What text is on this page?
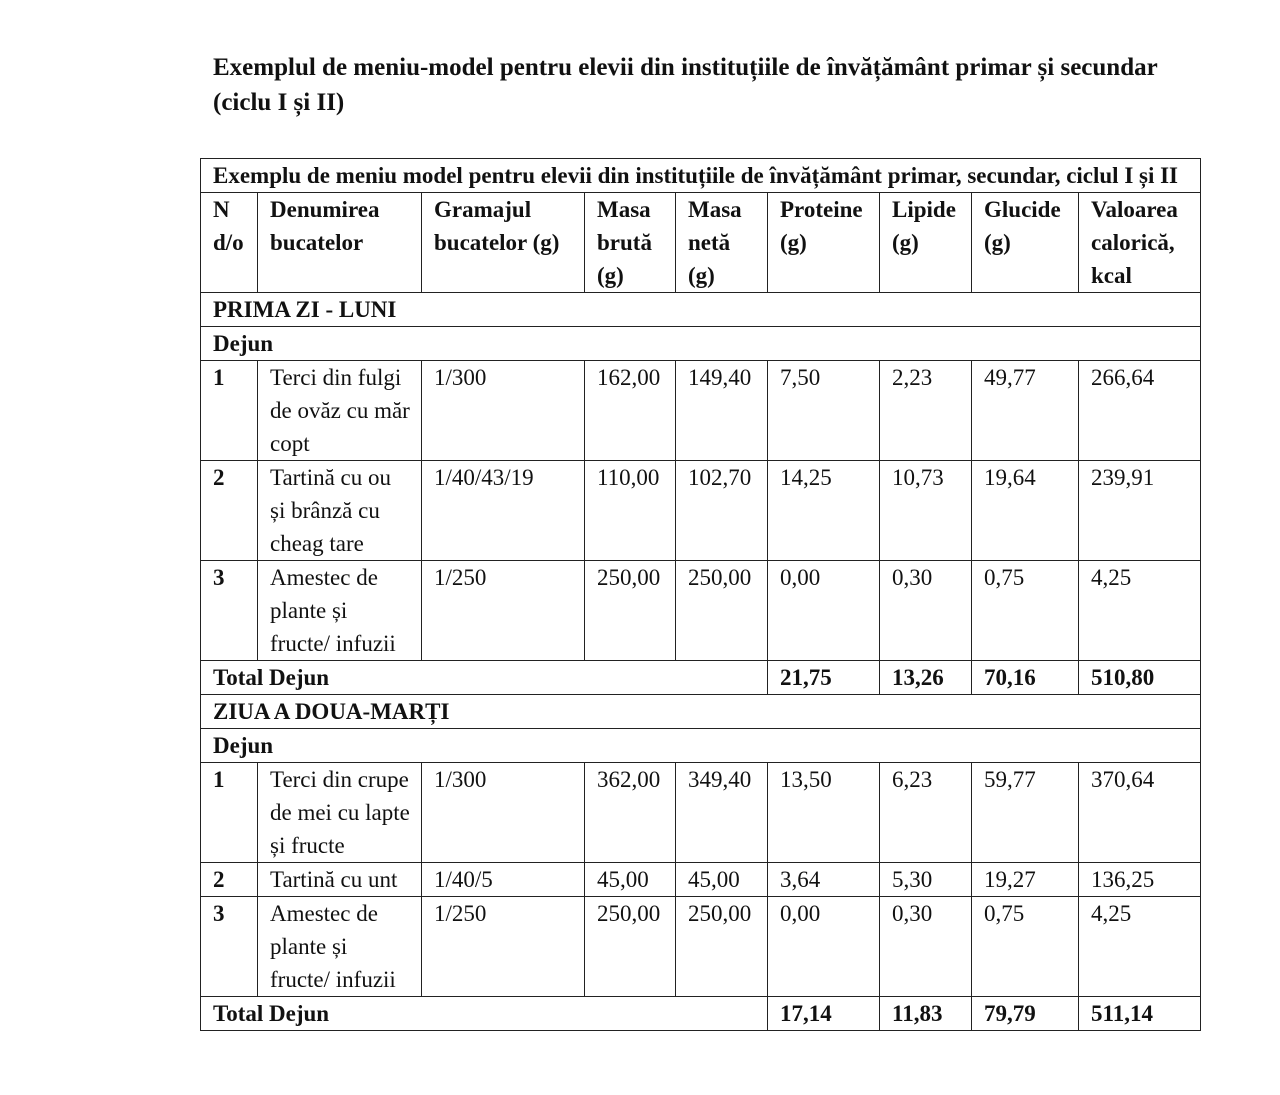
Exemplul de meniu-model pentru elevii din instituțiile de învățământ primar și secundar (ciclu I și II)
Exemplu de meniu model pentru elevii din instituțiile de învățământ primar, secundar, ciclul I și II								
N d/o	Denumirea bucatelor	Gramajul bucatelor (g)	Masa brută (g)	Masa netă (g)	Proteine (g)	Lipide (g)	Glucide (g)	Valoarea calorică, kcal
PRIMA ZI - LUNI								
Dejun								
1	Terci din fulgi de ovăz cu măr copt	1/300	162,00	149,40	7,50	2,23	49,77	266,64
2	Tartină cu ou și brânză cu cheag tare	1/40/43/19	110,00	102,70	14,25	10,73	19,64	239,91
3	Amestec de plante și fructe/ infuzii	1/250	250,00	250,00	0,00	0,30	0,75	4,25
Total Dejun					21,75	13,26	70,16	510,80
ZIUA A DOUA-MARȚI								
Dejun								
1	Terci din crupe de mei cu lapte și fructe	1/300	362,00	349,40	13,50	6,23	59,77	370,64
2	Tartină cu unt	1/40/5	45,00	45,00	3,64	5,30	19,27	136,25
3	Amestec de plante și fructe/ infuzii	1/250	250,00	250,00	0,00	0,30	0,75	4,25
Total Dejun					17,14	11,83	79,79	511,14
